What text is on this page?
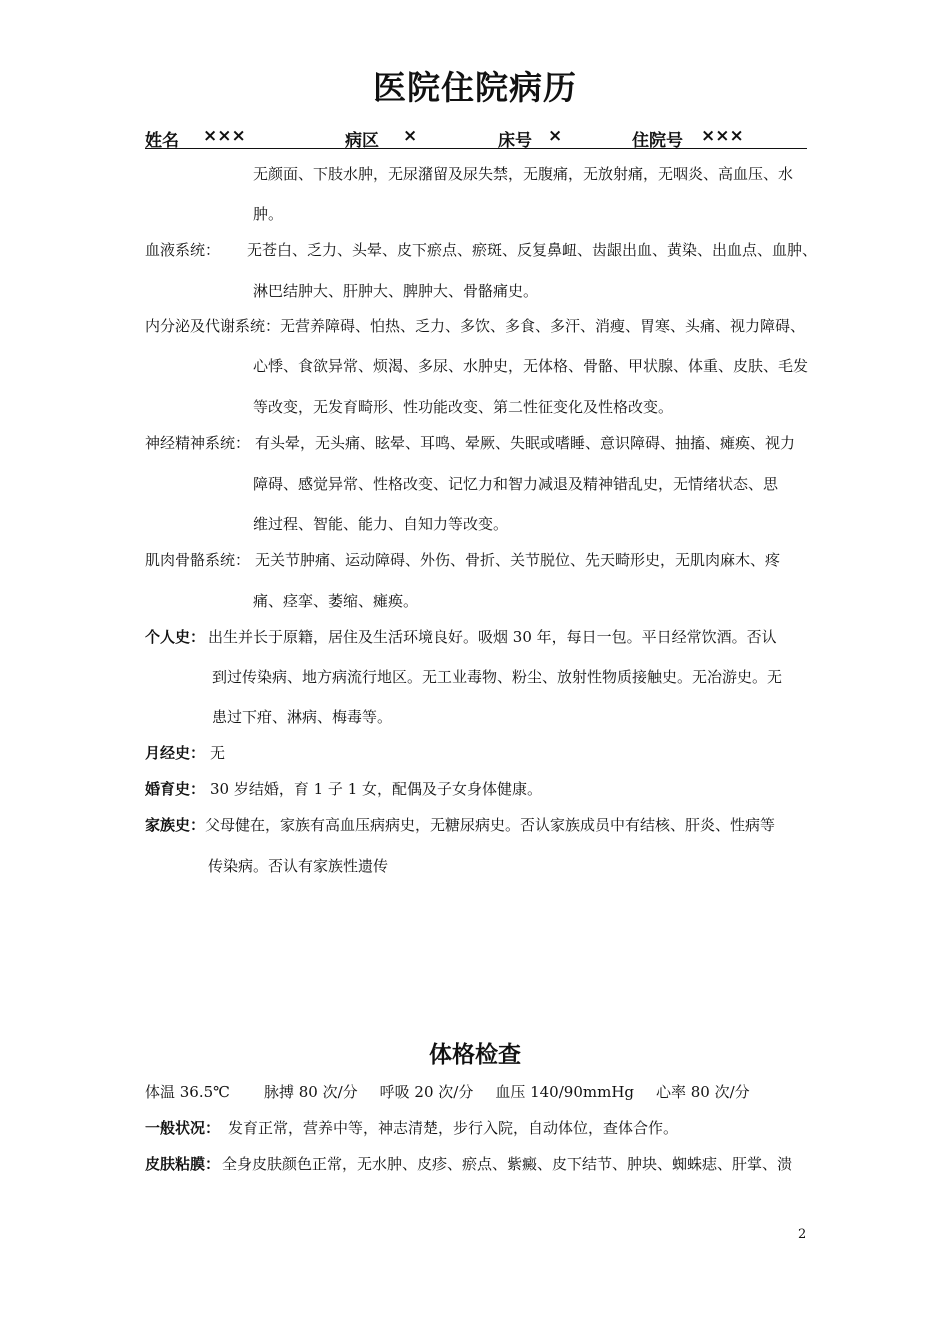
医院住院病历
姓名 ×××	病区 ×	床号 ×	住院号 ×××
无颜面、下肢水肿，无尿潴留及尿失禁，无腹痛，无放射痛，无咽炎、高血压、水
肿。
血液系统： 无苍白、乏力、头晕、皮下瘀点、瘀斑、反复鼻衄、齿龈出血、黄染、出血点、血肿、
淋巴结肿大、肝肿大、脾肿大、骨骼痛史。
内分泌及代谢系统： 无营养障碍、怕热、乏力、多饮、多食、多汗、消瘦、胃寒、头痛、视力障碍、
心悸、食欲异常、烦渴、多尿、水肿史，无体格、骨骼、甲状腺、体重、皮肤、毛发
等改变，无发育畸形、性功能改变、第二性征变化及性格改变。
神经精神系统： 有头晕，无头痛、眩晕、耳鸣、晕厥、失眠或嗜睡、意识障碍、抽搐、瘫痪、视力
障碍、感觉异常、性格改变、记忆力和智力减退及精神错乱史，无情绪状态、思
维过程、智能、能力、自知力等改变。
肌肉骨骼系统： 无关节肿痛、运动障碍、外伤、骨折、关节脱位、先天畸形史，无肌肉麻木、疼
痛、痉挛、萎缩、瘫痪。
个人史： 出生并长于原籍，居住及生活环境良好。吸烟 30 年，每日一包。平日经常饮酒。否认
到过传染病、地方病流行地区。无工业毒物、粉尘、放射性物质接触史。无冶游史。无
患过下疳、淋病、梅毒等。
月经史： 无
婚育史： 30 岁结婚，育 1 子 1 女，配偶及子女身体健康。
家族史： 父母健在，家族有高血压病病史，无糖尿病史。否认家族成员中有结核、肝炎、性病等
传染病。否认有家族性遗传
体格检查
体温 36.5℃ 脉搏 80 次/分 呼吸 20 次/分 血压 140/90mmHg 心率 80 次/分
一般状况： 发育正常，营养中等，神志清楚，步行入院，自动体位，查体合作。
皮肤粘膜： 全身皮肤颜色正常，无水肿、皮疹、瘀点、紫癜、皮下结节、肿块、蜘蛛痣、肝掌、溃
2
